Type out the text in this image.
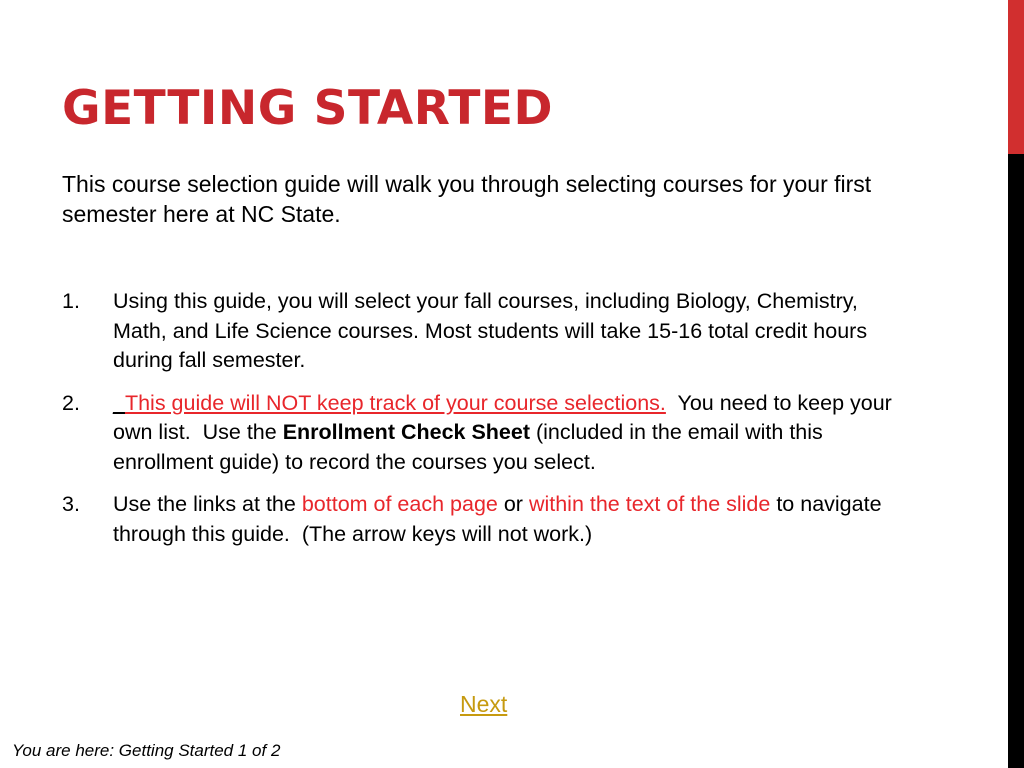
GETTING STARTED

This course selection guide will walk you through selecting courses for your first semester here at NC State.

1. Using this guide, you will select your fall courses, including Biology, Chemistry, Math, and Life Science courses. Most students will take 15-16 total credit hours during fall semester.
2. _This guide will NOT keep track of your course selections.  You need to keep your own list.  Use the Enrollment Check Sheet (included in the email with this enrollment guide) to record the courses you select.
3. Use the links at the bottom of each page or within the text of the slide to navigate through this guide.  (The arrow keys will not work.)
Next
You are here: Getting Started 1 of 2
